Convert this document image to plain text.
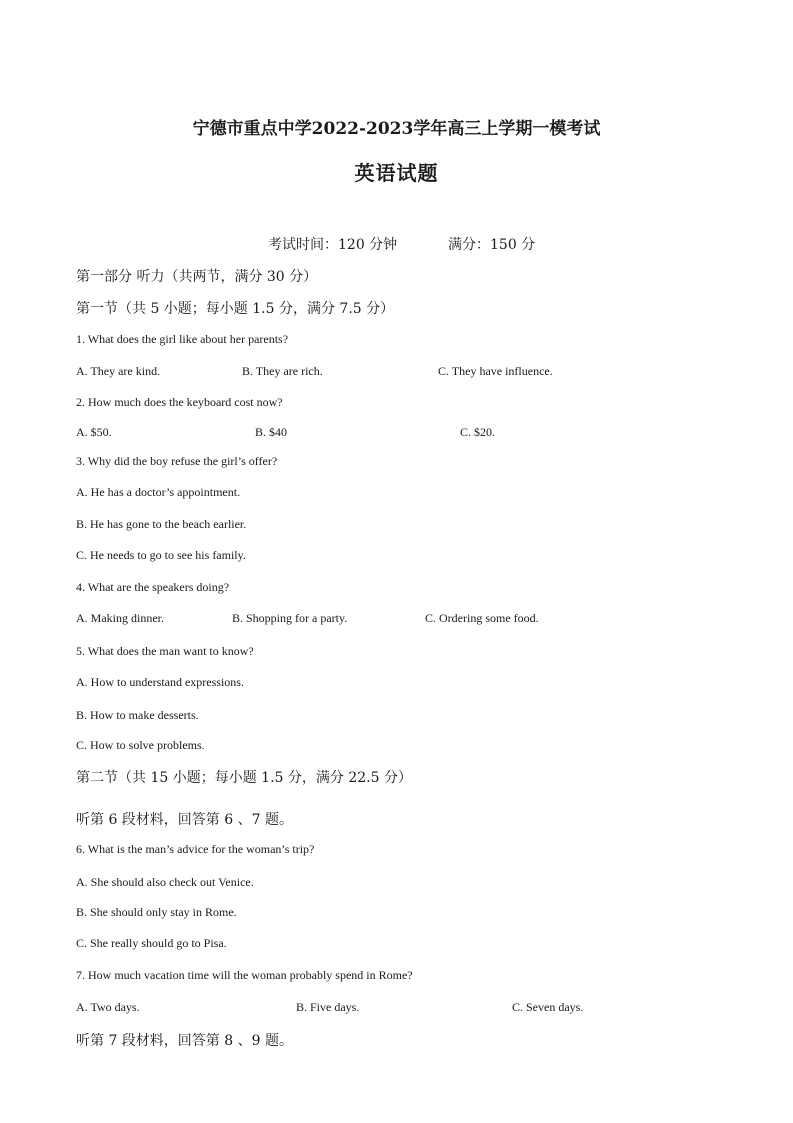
宁德市重点中学2022-2023学年高三上学期一模考试
英语试题
考试时间：120 分钟	满分：150 分
第一部分 听力（共两节，满分 30 分）
第一节（共 5 小题；每小题 1.5 分，满分 7.5 分）
1. What does the girl like about her parents?
A. They are kind.	B. They are rich.	C. They have influence.
2. How much does the keyboard cost now?
A. $50.	B. $40	C. $20.
3. Why did the boy refuse the girl’s offer?
A. He has a doctor’s appointment.
B. He has gone to the beach earlier.
C. He needs to go to see his family.
4. What are the speakers doing?
A. Making dinner.	B. Shopping for a party.	C. Ordering some food.
5. What does the man want to know?
A. How to understand expressions.
B. How to make desserts.
C. How to solve problems.
第二节（共 15 小题；每小题 1.5 分，满分 22.5 分）
听第 6 段材料，回答第 6 、7 题。
6. What is the man’s advice for the woman’s trip?
A. She should also check out Venice.
B. She should only stay in Rome.
C. She really should go to Pisa.
7. How much vacation time will the woman probably spend in Rome?
A. Two days.	B. Five days.	C. Seven days.
听第 7 段材料，回答第 8 、9 题。
